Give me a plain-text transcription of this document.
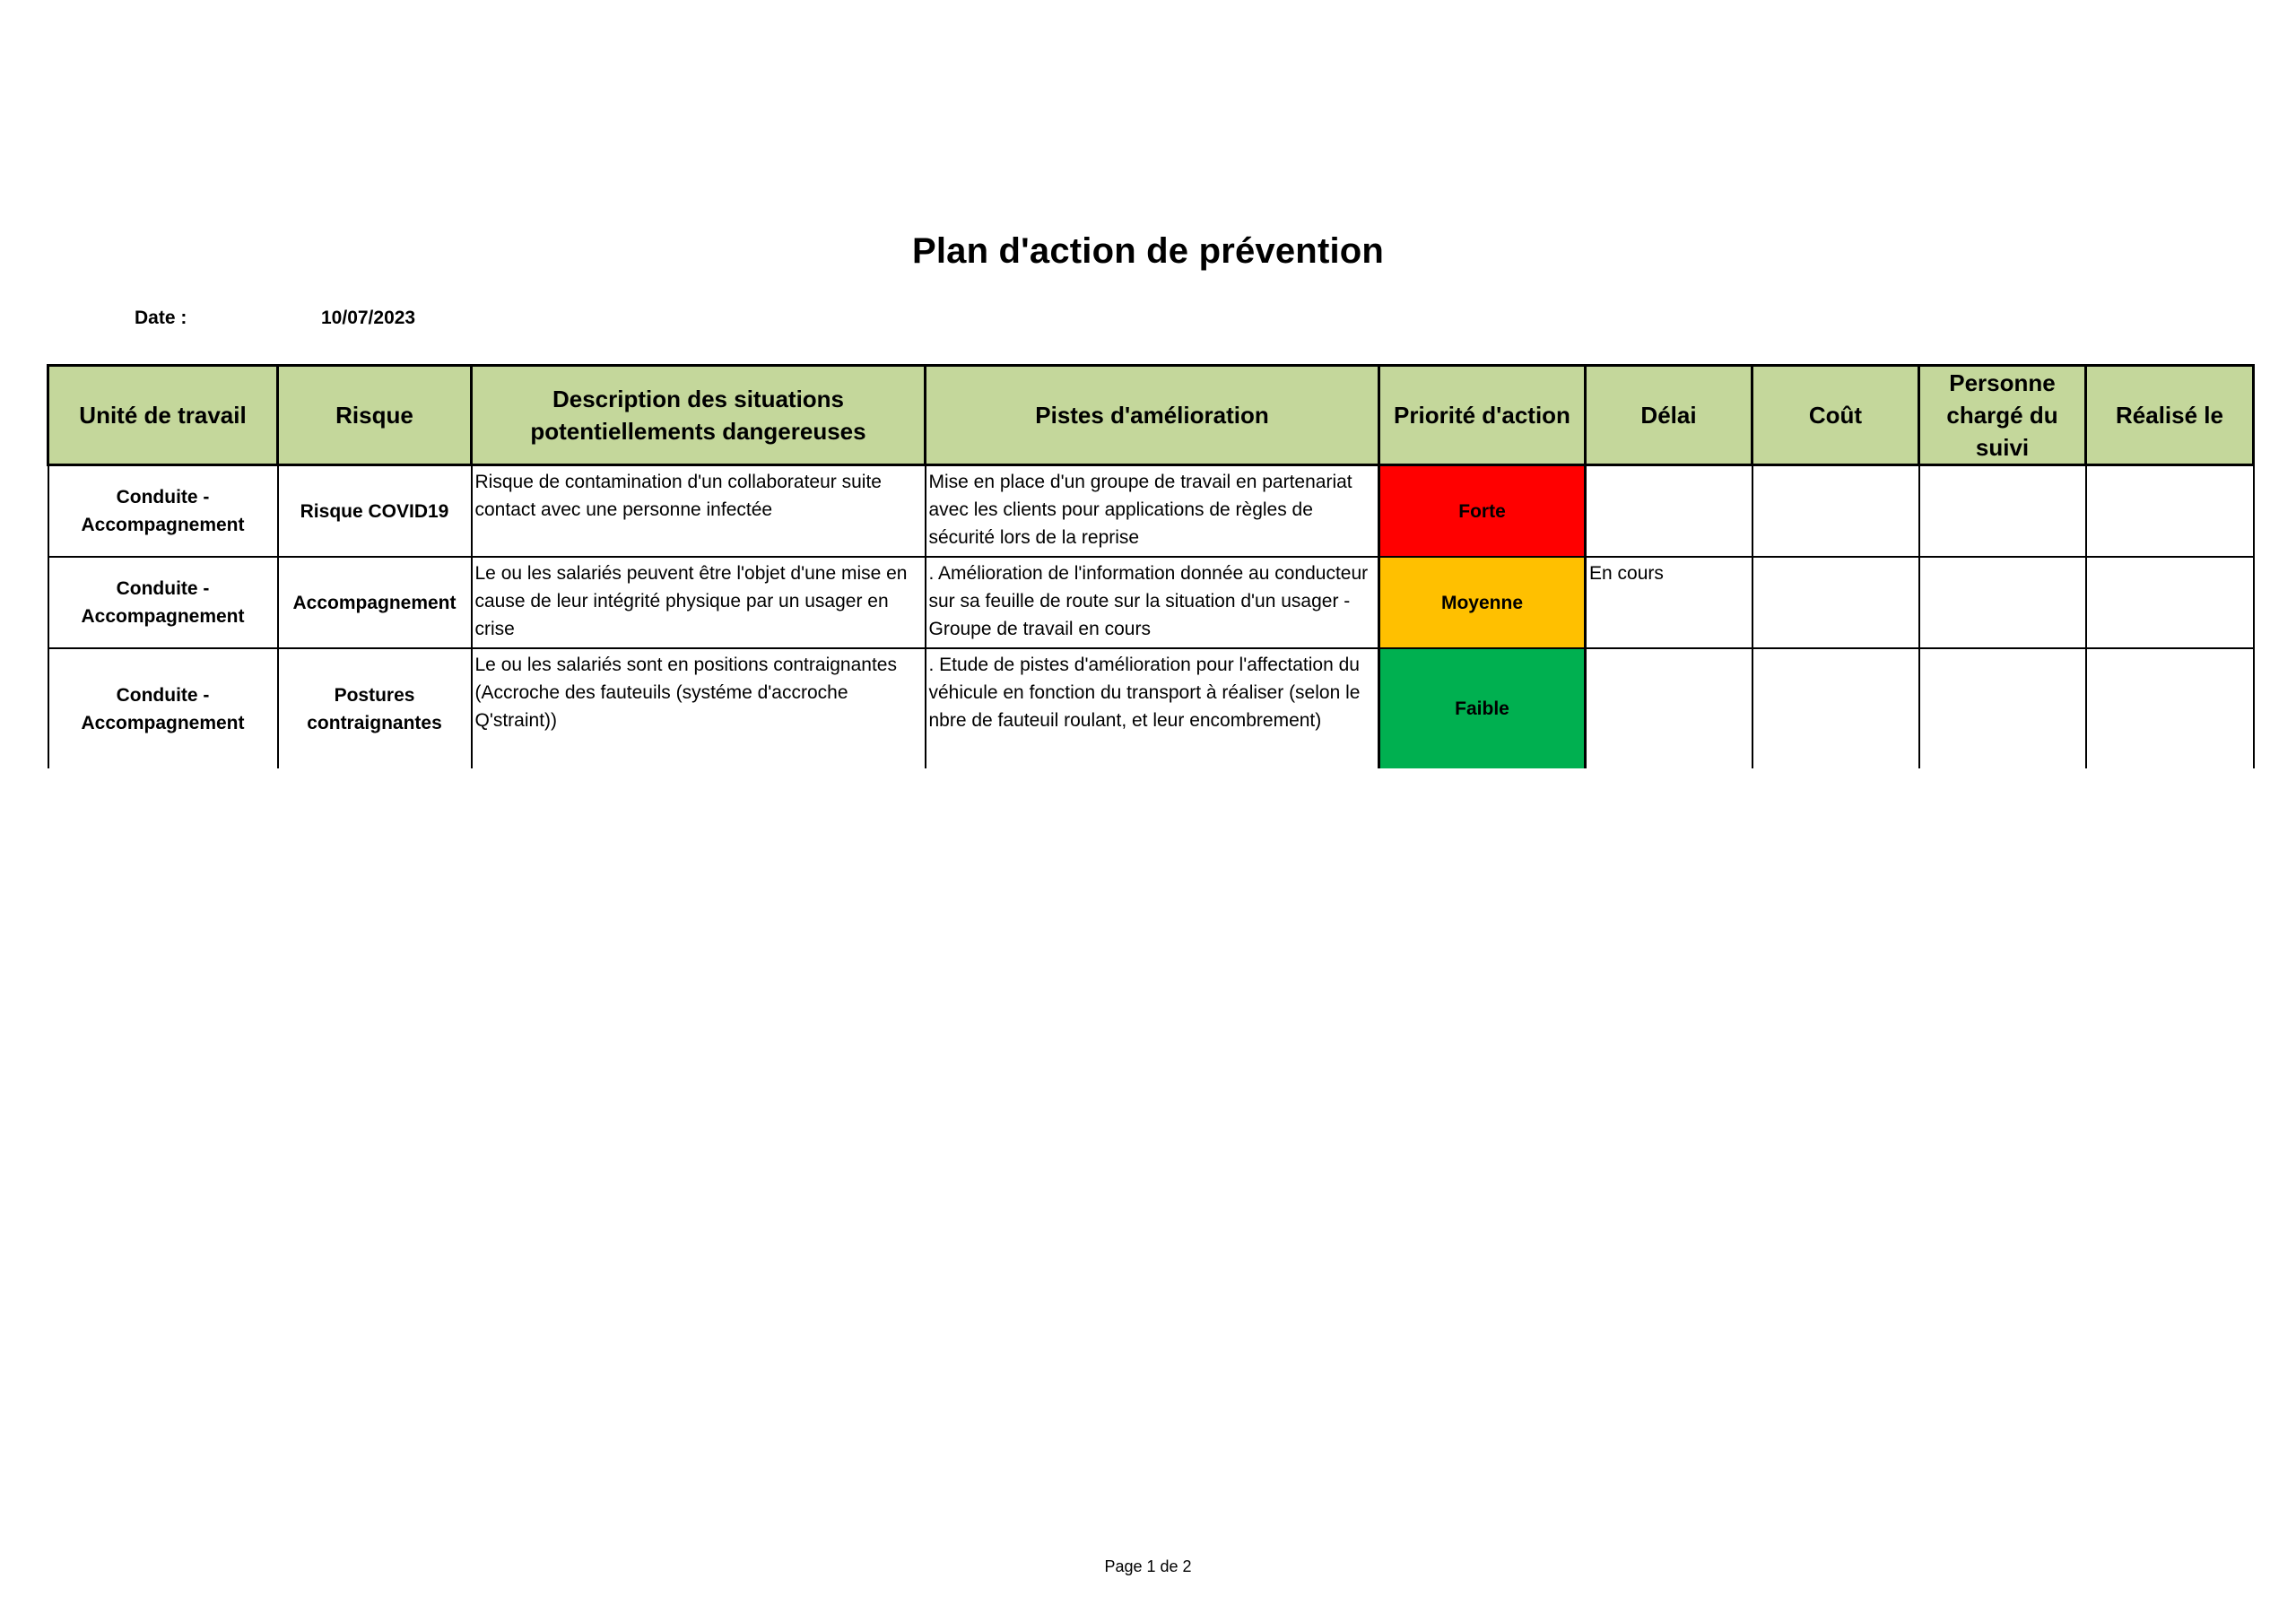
Plan d'action de prévention
Date :	10/07/2023
Unité de travail	Risque	Description des situations potentiellements dangereuses	Pistes d'amélioration	Priorité d'action	Délai	Coût	Personne chargé du suivi	Réalisé le
Conduite - Accompagnement	Risque COVID19	Risque de contamination d'un collaborateur suite contact avec une personne infectée	Mise en place d'un groupe de travail en partenariat avec les clients pour applications de règles de sécurité lors de la reprise	Forte				
Conduite - Accompagnement	Accompagnement	Le ou les salariés peuvent être l'objet d'une mise en cause de leur intégrité physique par un usager en crise	. Amélioration de l'information donnée au conducteur sur sa feuille de route sur la situation d'un usager - Groupe de travail en cours	Moyenne	En cours			
Conduite - Accompagnement	Postures contraignantes	Le ou les salariés sont en positions contraignantes (Accroche des fauteuils (systéme d'accroche Q'straint))	. Etude de pistes d'amélioration pour l'affectation du véhicule en fonction du transport à réaliser (selon le nbre de fauteuil roulant, et leur encombrement)	Faible				
Page 1 de 2
